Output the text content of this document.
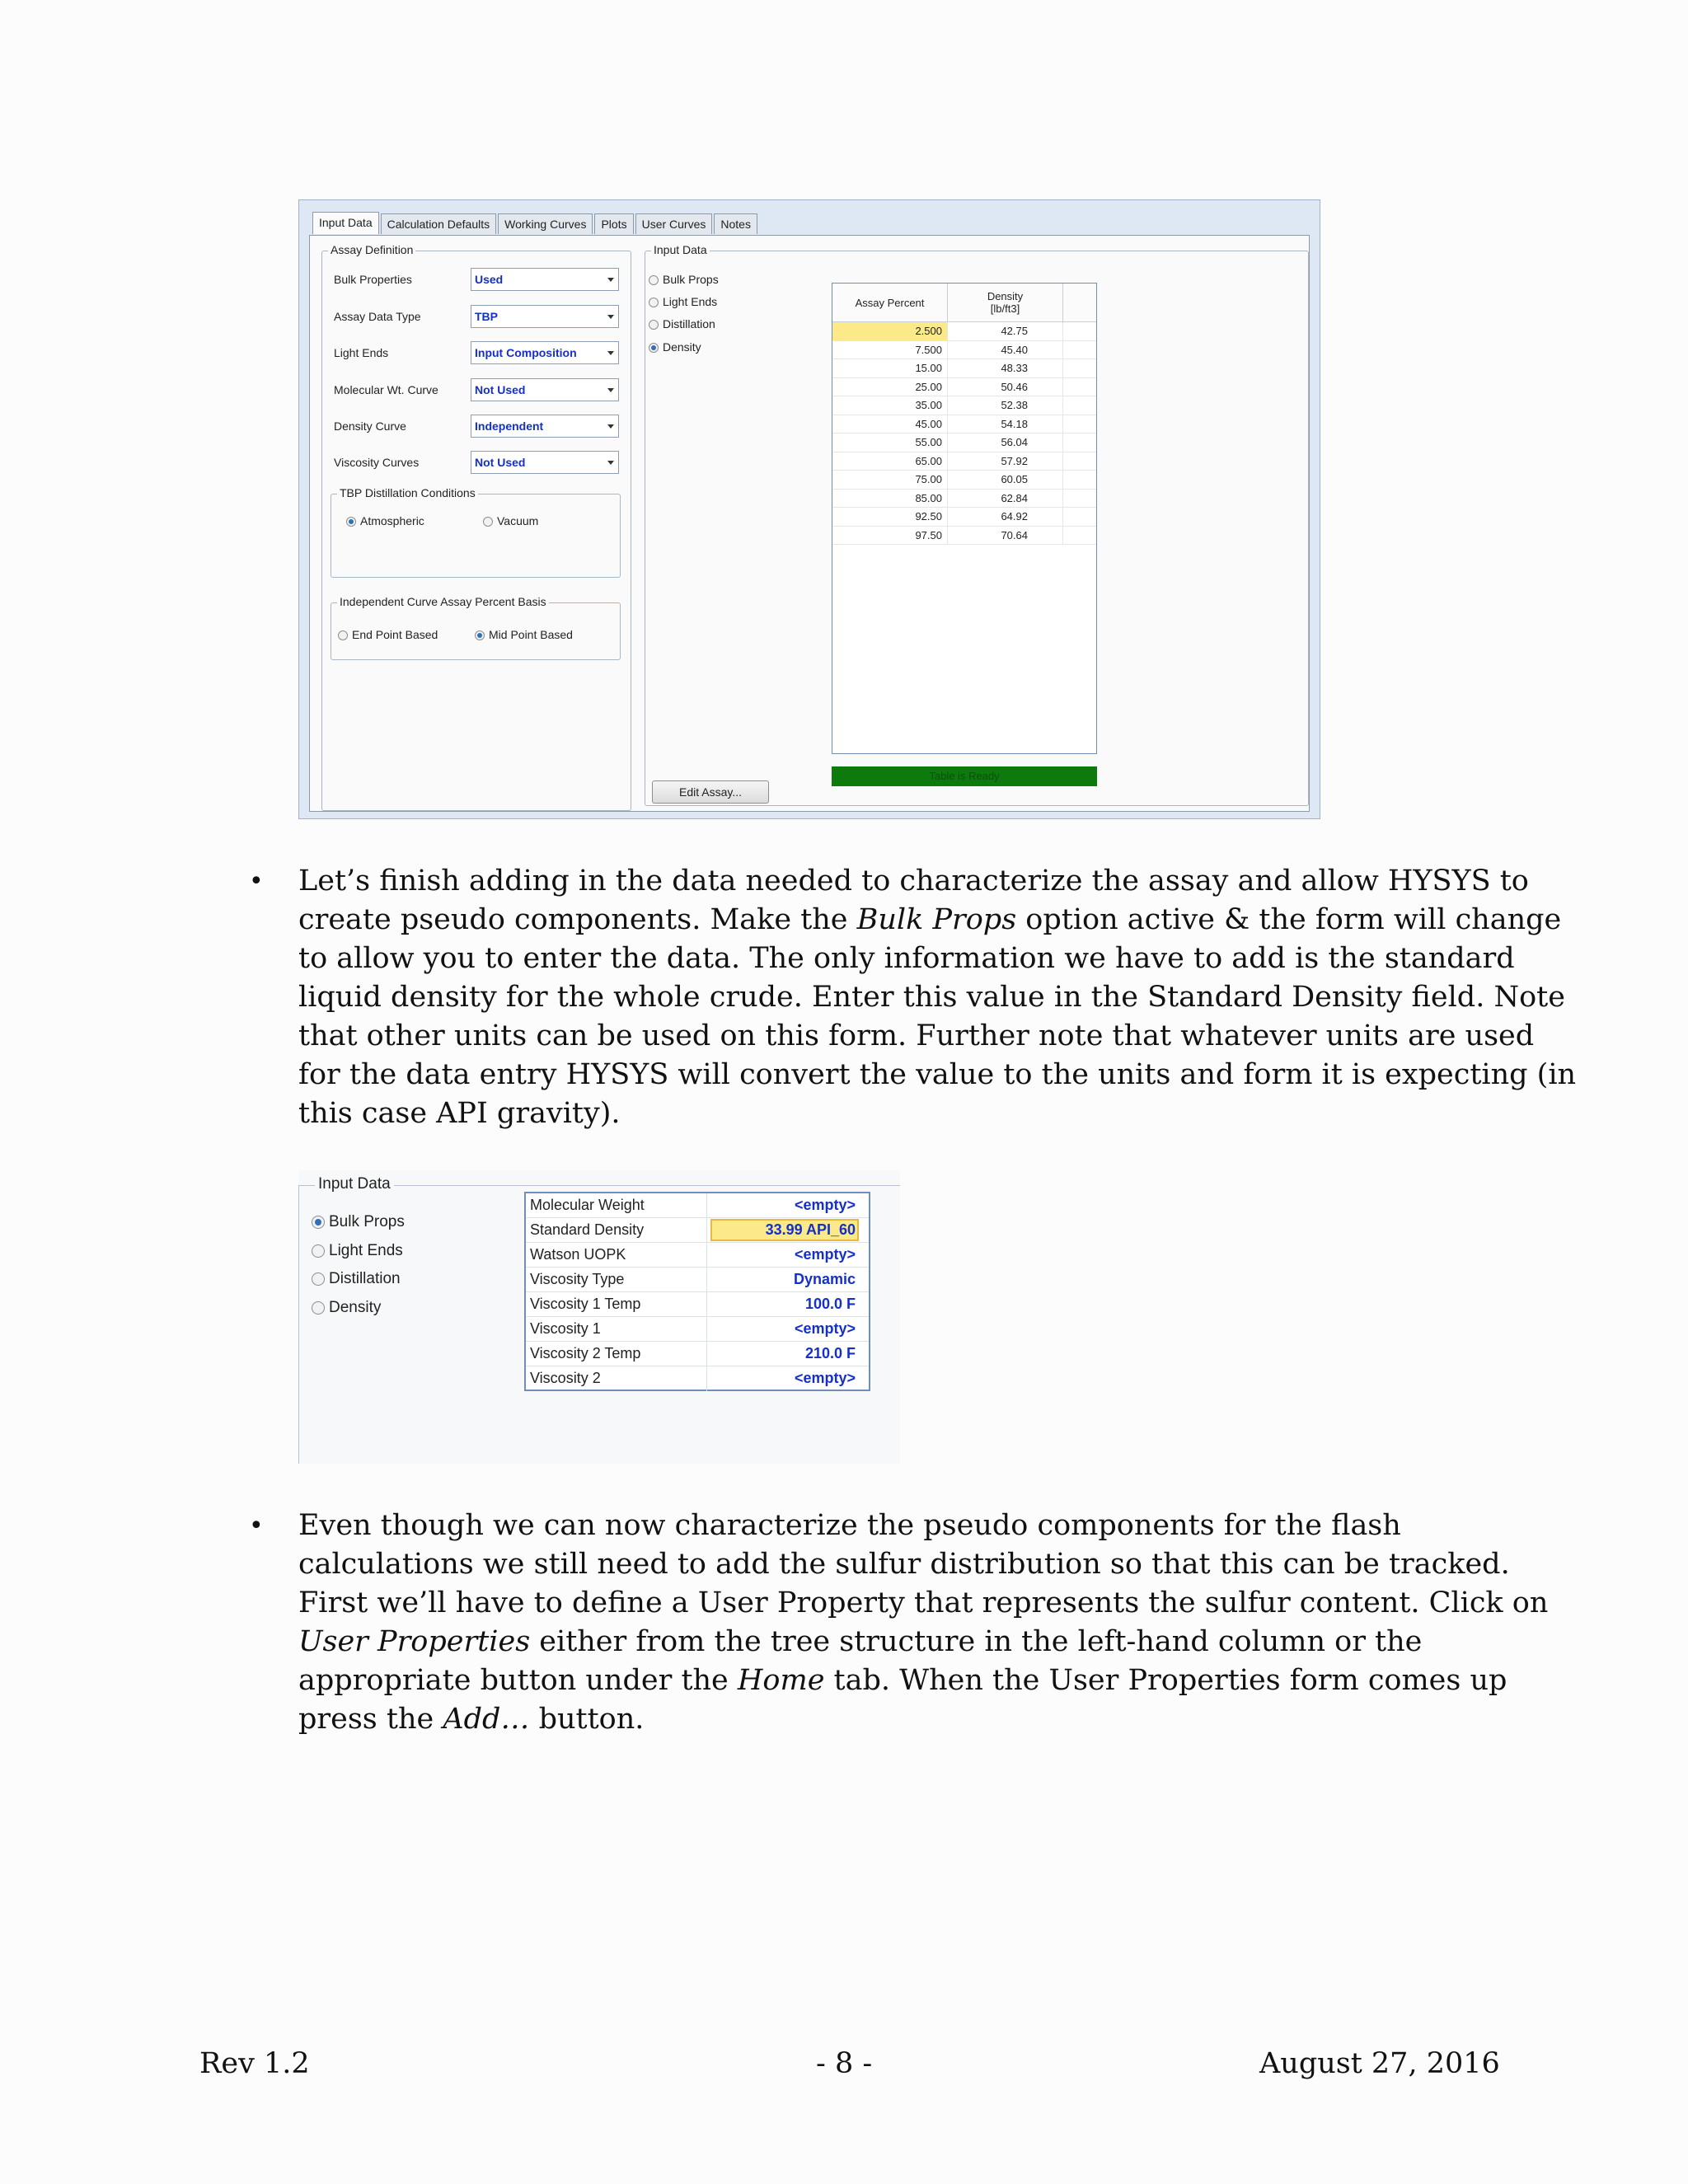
Input Data	Calculation Defaults	Working Curves	Plots	User Curves	Notes
Assay Definition
Bulk Properties	Used
Assay Data Type	TBP
Light Ends	Input Composition
Molecular Wt. Curve	Not Used
Density Curve	Independent
Viscosity Curves	Not Used
TBP Distillation Conditions
Atmospheric	Vacuum
Independent Curve Assay Percent Basis
End Point Based	Mid Point Based
Input Data
Bulk Props
Light Ends
Distillation
Density
Edit Assay...
Assay Percent	Density
[lb/ft3]
2.500	42.75
7.500	45.40
15.00	48.33
25.00	50.46
35.00	52.38
45.00	54.18
55.00	56.04
65.00	57.92
75.00	60.05
85.00	62.84
92.50	64.92
97.50	70.64
Table is Ready
• Let’s finish adding in the data needed to characterize the assay and allow HYSYS to create pseudo components. Make the Bulk Props option active & the form will change to allow you to enter the data. The only information we have to add is the standard liquid density for the whole crude. Enter this value in the Standard Density field. Note that other units can be used on this form. Further note that whatever units are used for the data entry HYSYS will convert the value to the units and form it is expecting (in this case API gravity).
Input Data
Bulk Props
Light Ends
Distillation
Density
Molecular Weight	<empty>
Standard Density	33.99 API_60
Watson UOPK	<empty>
Viscosity Type	Dynamic
Viscosity 1 Temp	100.0 F
Viscosity 1	<empty>
Viscosity 2 Temp	210.0 F
Viscosity 2	<empty>
• Even though we can now characterize the pseudo components for the flash calculations we still need to add the sulfur distribution so that this can be tracked. First we’ll have to define a User Property that represents the sulfur content. Click on User Properties either from the tree structure in the left-hand column or the appropriate button under the Home tab. When the User Properties form comes up press the Add… button.
Rev 1.2	- 8 -	August 27, 2016
